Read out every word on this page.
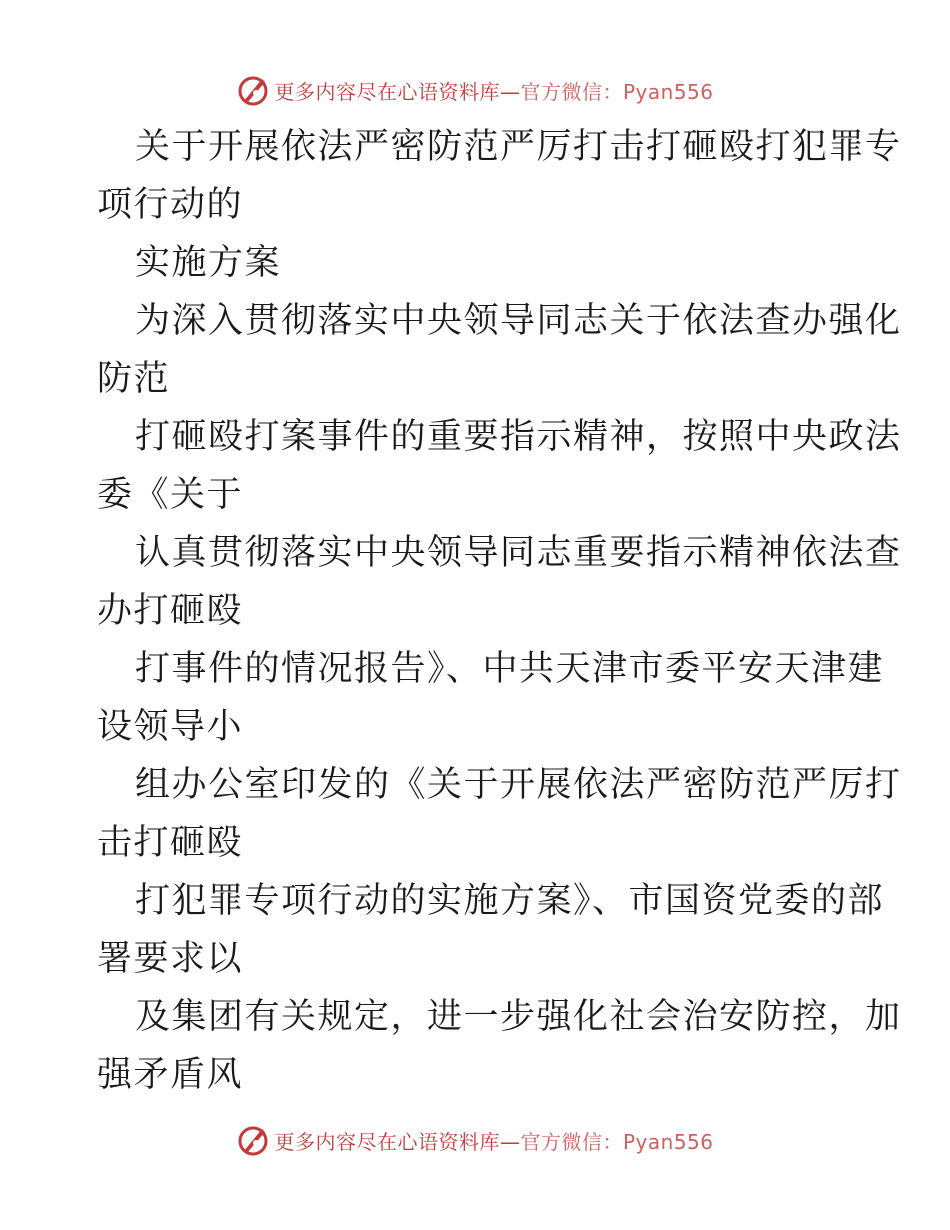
更多内容尽在心语资料库—官方微信：Pyan556
关于开展依法严密防范严厉打击打砸殴打犯罪专
项行动的
实施方案
为深入贯彻落实中央领导同志关于依法查办强化
防范
打砸殴打案事件的重要指示精神，按照中央政法
委《关于
认真贯彻落实中央领导同志重要指示精神依法查
办打砸殴
打事件的情况报告》、中共天津市委平安天津建
设领导小
组办公室印发的《关于开展依法严密防范严厉打
击打砸殴
打犯罪专项行动的实施方案》、市国资党委的部
署要求以
及集团有关规定，进一步强化社会治安防控，加
强矛盾风
更多内容尽在心语资料库—官方微信：Pyan556
